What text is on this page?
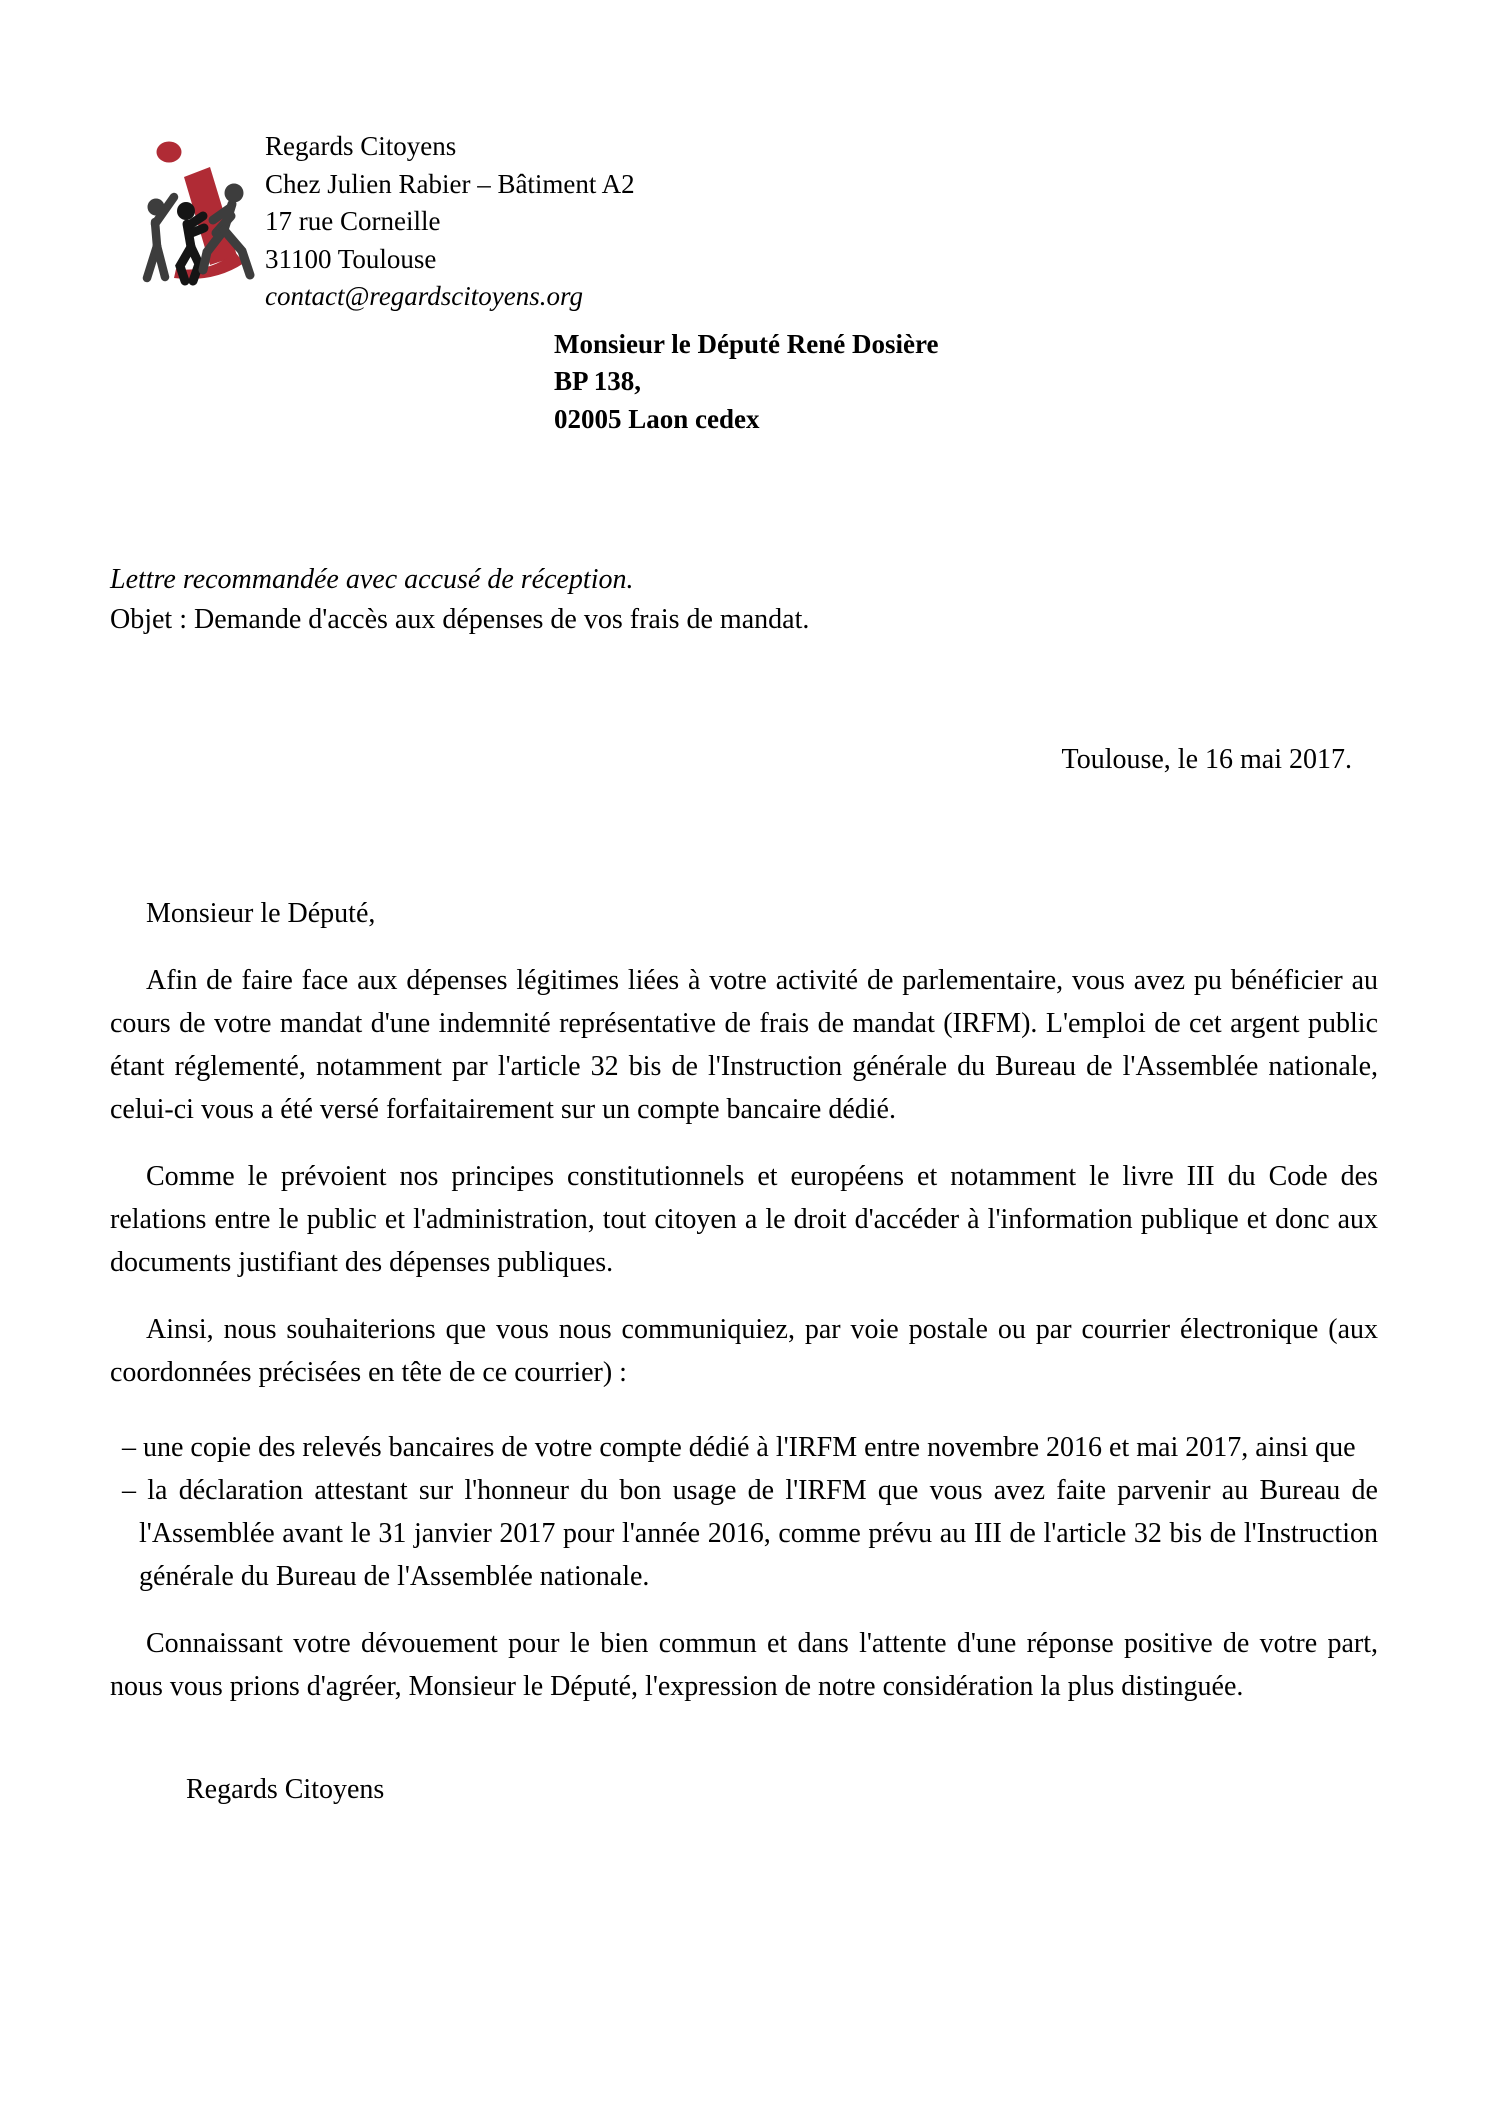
Regards Citoyens
Chez Julien Rabier – Bâtiment A2
17 rue Corneille
31100 Toulouse
contact@regardscitoyens.org
Monsieur le Député René Dosière
BP 138,
02005 Laon cedex
Lettre recommandée avec accusé de réception.
Objet : Demande d'accès aux dépenses de vos frais de mandat.
Toulouse, le 16 mai 2017.
Monsieur le Député,

Afin de faire face aux dépenses légitimes liées à votre activité de parlementaire, vous avez pu bénéficier au cours de votre mandat d'une indemnité représentative de frais de mandat (IRFM). L'emploi de cet argent public étant réglementé, notamment par l'article 32 bis de l'Instruction générale du Bureau de l'Assemblée nationale, celui-ci vous a été versé forfaitairement sur un compte bancaire dédié.

Comme le prévoient nos principes constitutionnels et européens et notamment le livre III du Code des relations entre le public et l'administration, tout citoyen a le droit d'accéder à l'information publique et donc aux documents justifiant des dépenses publiques.

Ainsi, nous souhaiterions que vous nous communiquiez, par voie postale ou par courrier électronique (aux coordonnées précisées en tête de ce courrier) :

– une copie des relevés bancaires de votre compte dédié à l'IRFM entre novembre 2016 et mai 2017, ainsi que
– la déclaration attestant sur l'honneur du bon usage de l'IRFM que vous avez faite parvenir au Bureau de l'Assemblée avant le 31 janvier 2017 pour l'année 2016, comme prévu au III de l'article 32 bis de l'Instruction générale du Bureau de l'Assemblée nationale.

Connaissant votre dévouement pour le bien commun et dans l'attente d'une réponse positive de votre part, nous vous prions d'agréer, Monsieur le Député, l'expression de notre considération la plus distinguée.

Regards Citoyens
